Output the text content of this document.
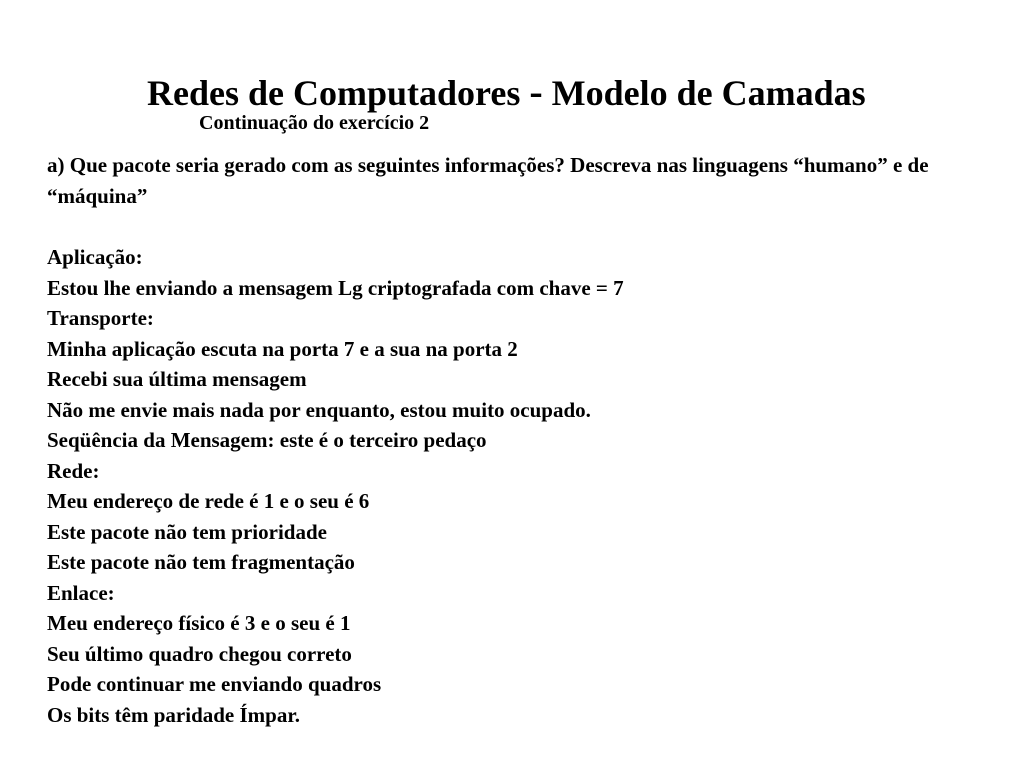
Redes de Computadores - Modelo de Camadas
Continuação do exercício 2
a) Que pacote seria gerado com as seguintes informações? Descreva nas linguagens “humano” e de “máquina”
Aplicação:
Estou lhe enviando a mensagem Lg criptografada com chave = 7
Transporte:
Minha aplicação escuta na porta 7 e a sua na porta 2
Recebi sua última mensagem
Não me envie mais nada por enquanto, estou muito ocupado.
Seqüência da Mensagem: este é o terceiro pedaço
Rede:
Meu endereço de rede é 1 e o seu é 6
Este pacote não tem prioridade
Este pacote não tem fragmentação
Enlace:
Meu endereço físico é 3 e o seu é 1
Seu último quadro chegou correto
Pode continuar me enviando quadros
Os bits têm paridade Ímpar.
